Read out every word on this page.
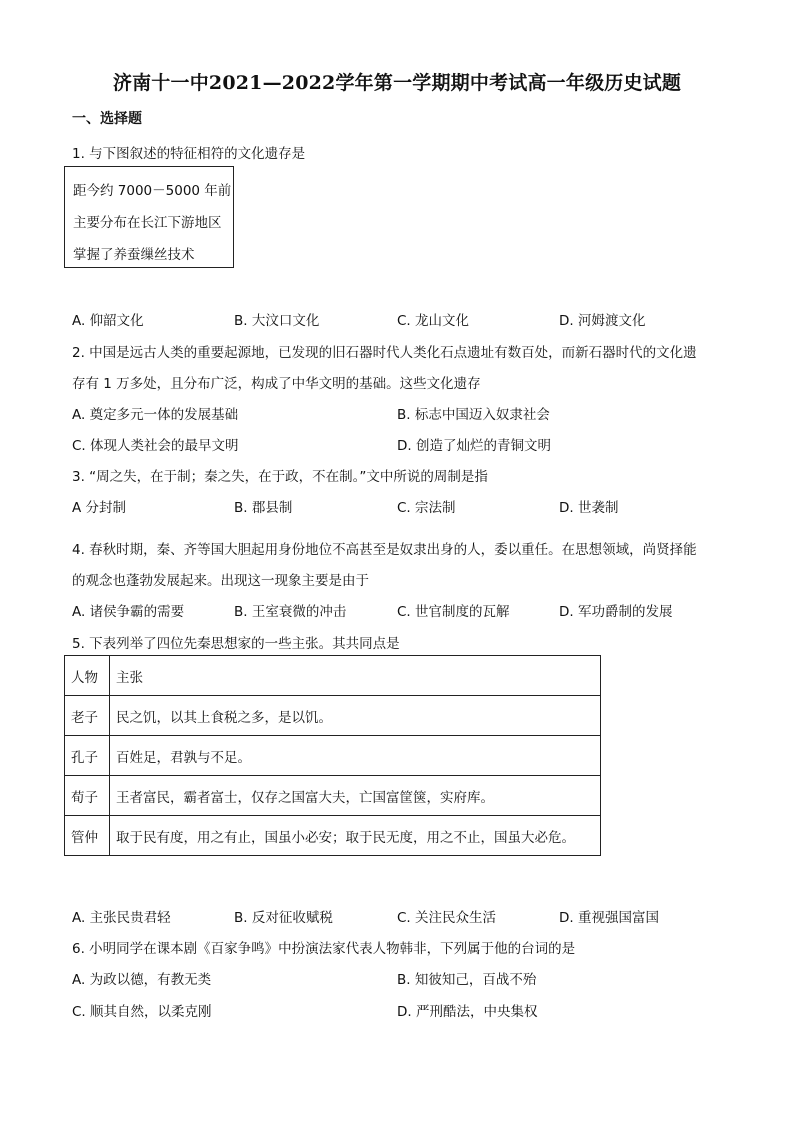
济南十一中2021—2022学年第一学期期中考试高一年级历史试题
一、选择题
1. 与下图叙述的特征相符的文化遗存是
距今约 7000－5000 年前
主要分布在长江下游地区
掌握了养蚕缫丝技术
A. 仰韶文化	B. 大汶口文化	C. 龙山文化	D. 河姆渡文化
2. 中国是远古人类的重要起源地，已发现的旧石器时代人类化石点遗址有数百处，而新石器时代的文化遗
存有 1 万多处，且分布广泛，构成了中华文明的基础。这些文化遗存
A. 奠定多元一体的发展基础	B. 标志中国迈入奴隶社会
C. 体现人类社会的最早文明	D. 创造了灿烂的青铜文明
3. “周之失，在于制；秦之失，在于政，不在制。”文中所说的周制是指
A 分封制	B. 郡县制	C. 宗法制	D. 世袭制
4. 春秋时期，秦、齐等国大胆起用身份地位不高甚至是奴隶出身的人，委以重任。在思想领域，尚贤择能
的观念也蓬勃发展起来。出现这一现象主要是由于
A. 诸侯争霸的需要	B. 王室衰微的冲击	C. 世官制度的瓦解	D. 军功爵制的发展
5. 下表列举了四位先秦思想家的一些主张。其共同点是
人物	主张
老子	民之饥，以其上食税之多，是以饥。
孔子	百姓足，君孰与不足。
荀子	王者富民，霸者富士，仅存之国富大夫，亡国富筐箧，实府库。
管仲	取于民有度，用之有止，国虽小必安；取于民无度，用之不止，国虽大必危。
A. 主张民贵君轻	B. 反对征收赋税	C. 关注民众生活	D. 重视强国富国
6. 小明同学在课本剧《百家争鸣》中扮演法家代表人物韩非，下列属于他的台词的是
A. 为政以德，有教无类	B. 知彼知己，百战不殆
C. 顺其自然，以柔克刚	D. 严刑酷法，中央集权
